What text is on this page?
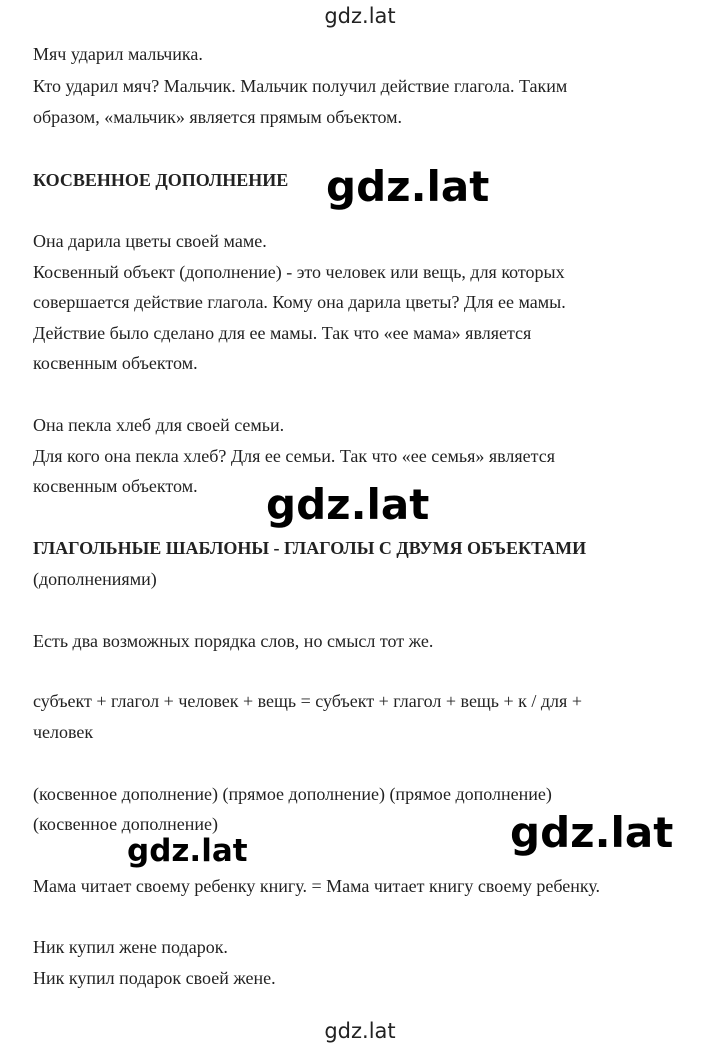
gdz.lat
Мяч ударил мальчика.
Кто ударил мяч? Мальчик. Мальчик получил действие глагола. Таким
образом, «мальчик» является прямым объектом.
КОСВЕННОЕ ДОПОЛНЕНИЕ gdz.lat
Она дарила цветы своей маме.
Косвенный объект (дополнение) - это человек или вещь, для которых
совершается действие глагола. Кому она дарила цветы? Для ее мамы.
Действие было сделано для ее мамы. Так что «ее мама» является
косвенным объектом.
Она пекла хлеб для своей семьи.
Для кого она пекла хлеб? Для ее семьи. Так что «ее семья» является
косвенным объектом. gdz.lat
ГЛАГОЛЬНЫЕ ШАБЛОНЫ - ГЛАГОЛЫ С ДВУМЯ ОБЪЕКТАМИ
(дополнениями)
Есть два возможных порядка слов, но смысл тот же.
субъект + глагол + человек + вещь = субъект + глагол + вещь + к / для +
человек
(косвенное дополнение) (прямое дополнение) (прямое дополнение)
(косвенное дополнение)
gdz.lat	gdz.lat
Мама читает своему ребенку книгу. = Мама читает книгу своему ребенку.
Ник купил жене подарок.
Ник купил подарок своей жене.
gdz.lat
